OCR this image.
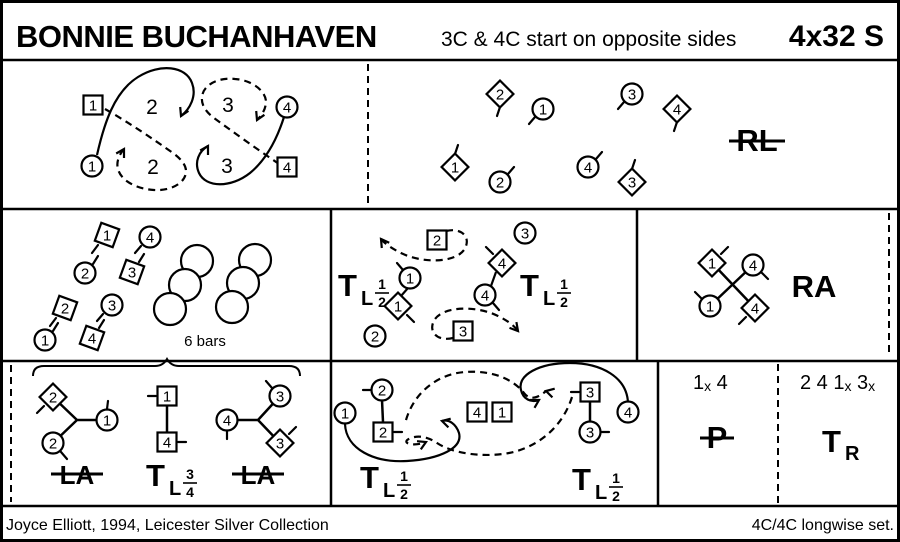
1
1
2
2
3
3
4
4
2
1
3
4
1
2
4
3
1 4
2	3
2	3
1	4
2
1
1
2
3
4
4
3
1 4
1 4
2
2
1
1
4
4
3
3
2
2
1	4 1
3
3
4
BONNIE BUCHANHAVEN	3C & 4C start on opposite sides 4x32 S
RL
RA
LA	LA
P
T L
1
2	T L
1
2
T L
1
2	T L
1
2
T L
3
4
T R
1x 4	2 4 1x 3x
6 bars
Joyce Elliott, 1994, Leicester Silver Collection	4C/4C longwise set.
